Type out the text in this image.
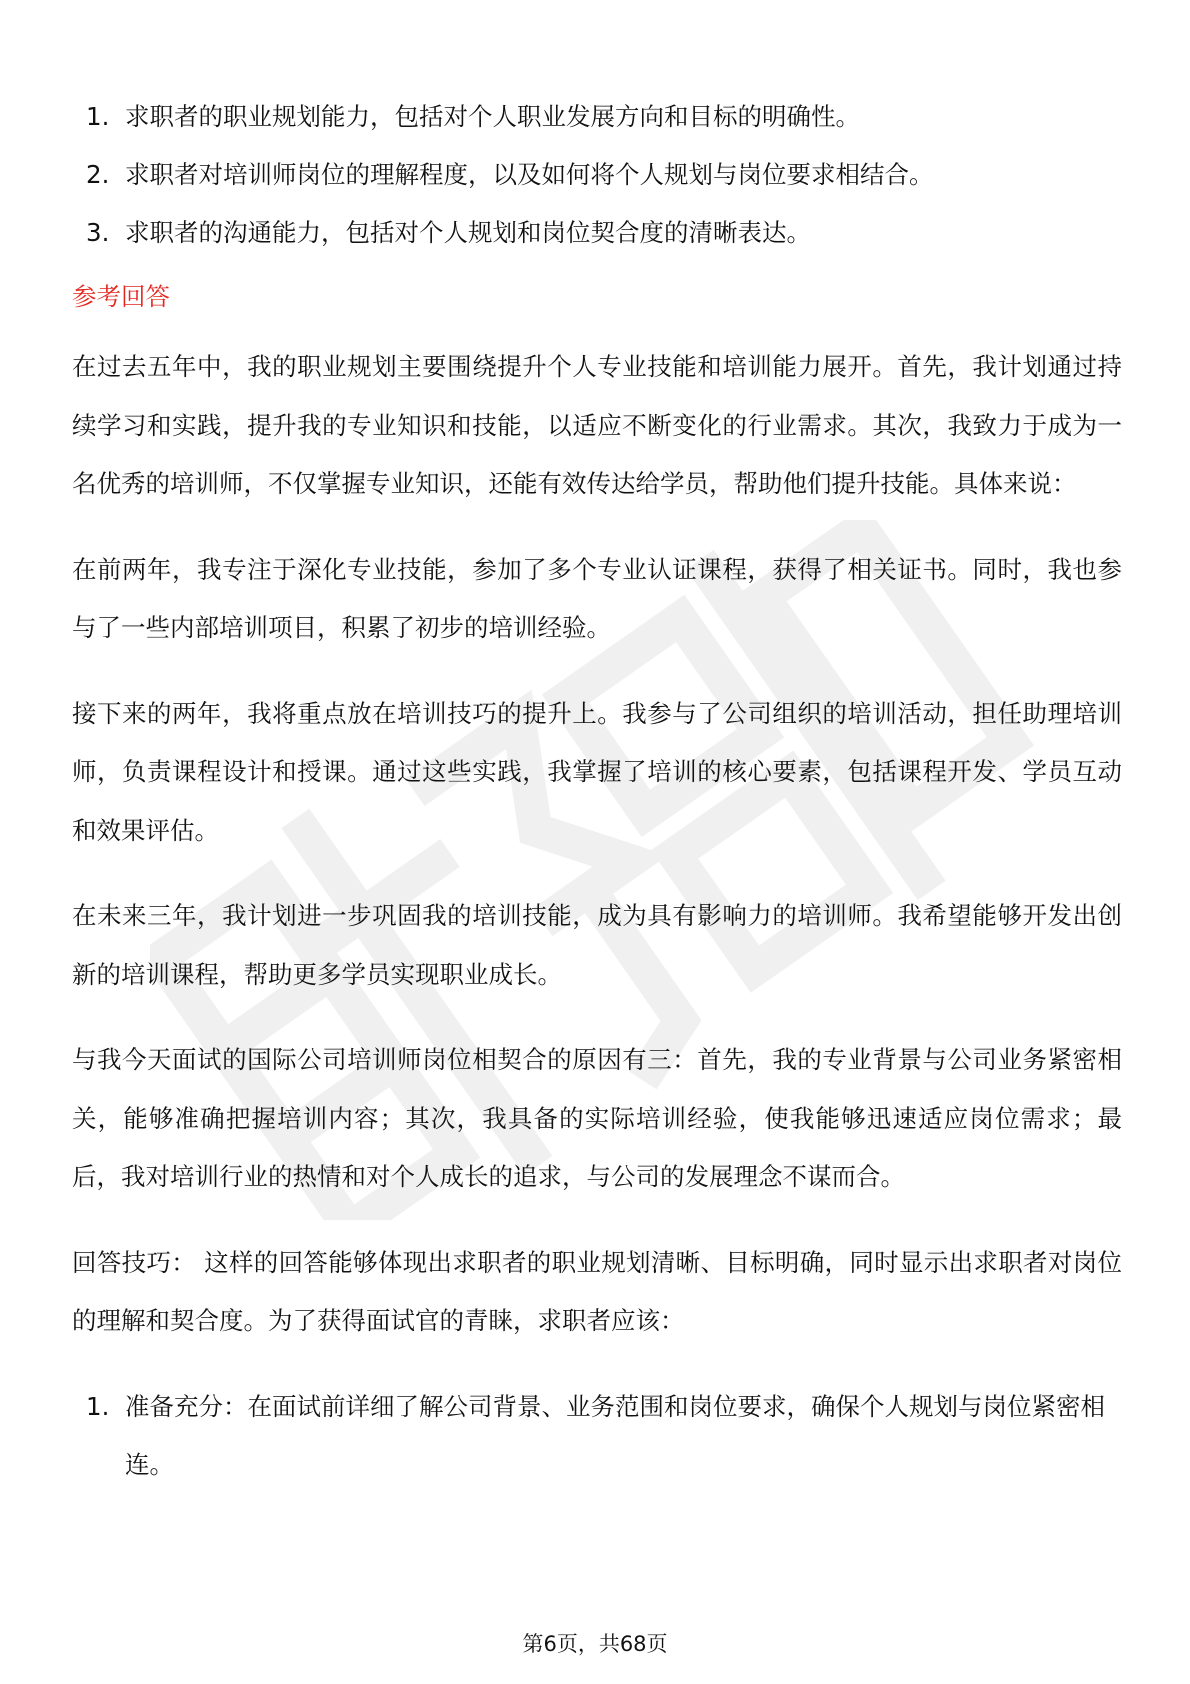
1. 求职者的职业规划能力，包括对个人职业发展方向和目标的明确性。
2. 求职者对培训师岗位的理解程度，以及如何将个人规划与岗位要求相结合。
3. 求职者的沟通能力，包括对个人规划和岗位契合度的清晰表达。
参考回答

在过去五年中，我的职业规划主要围绕提升个人专业技能和培训能力展开。首先，我计划通过持续学习和实践，提升我的专业知识和技能，以适应不断变化的行业需求。其次，我致力于成为一名优秀的培训师，不仅掌握专业知识，还能有效传达给学员，帮助他们提升技能。具体来说：

在前两年，我专注于深化专业技能，参加了多个专业认证课程，获得了相关证书。同时，我也参与了一些内部培训项目，积累了初步的培训经验。

接下来的两年，我将重点放在培训技巧的提升上。我参与了公司组织的培训活动，担任助理培训师，负责课程设计和授课。通过这些实践，我掌握了培训的核心要素，包括课程开发、学员互动和效果评估。

在未来三年，我计划进一步巩固我的培训技能，成为具有影响力的培训师。我希望能够开发出创新的培训课程，帮助更多学员实现职业成长。

与我今天面试的国际公司培训师岗位相契合的原因有三：首先，我的专业背景与公司业务紧密相关，能够准确把握培训内容；其次，我具备的实际培训经验，使我能够迅速适应岗位需求；最后，我对培训行业的热情和对个人成长的追求，与公司的发展理念不谋而合。

回答技巧： 这样的回答能够体现出求职者的职业规划清晰、目标明确，同时显示出求职者对岗位的理解和契合度。为了获得面试官的青睐，求职者应该：

1. 准备充分：在面试前详细了解公司背景、业务范围和岗位要求，确保个人规划与岗位紧密相连。
第6页，共68页
